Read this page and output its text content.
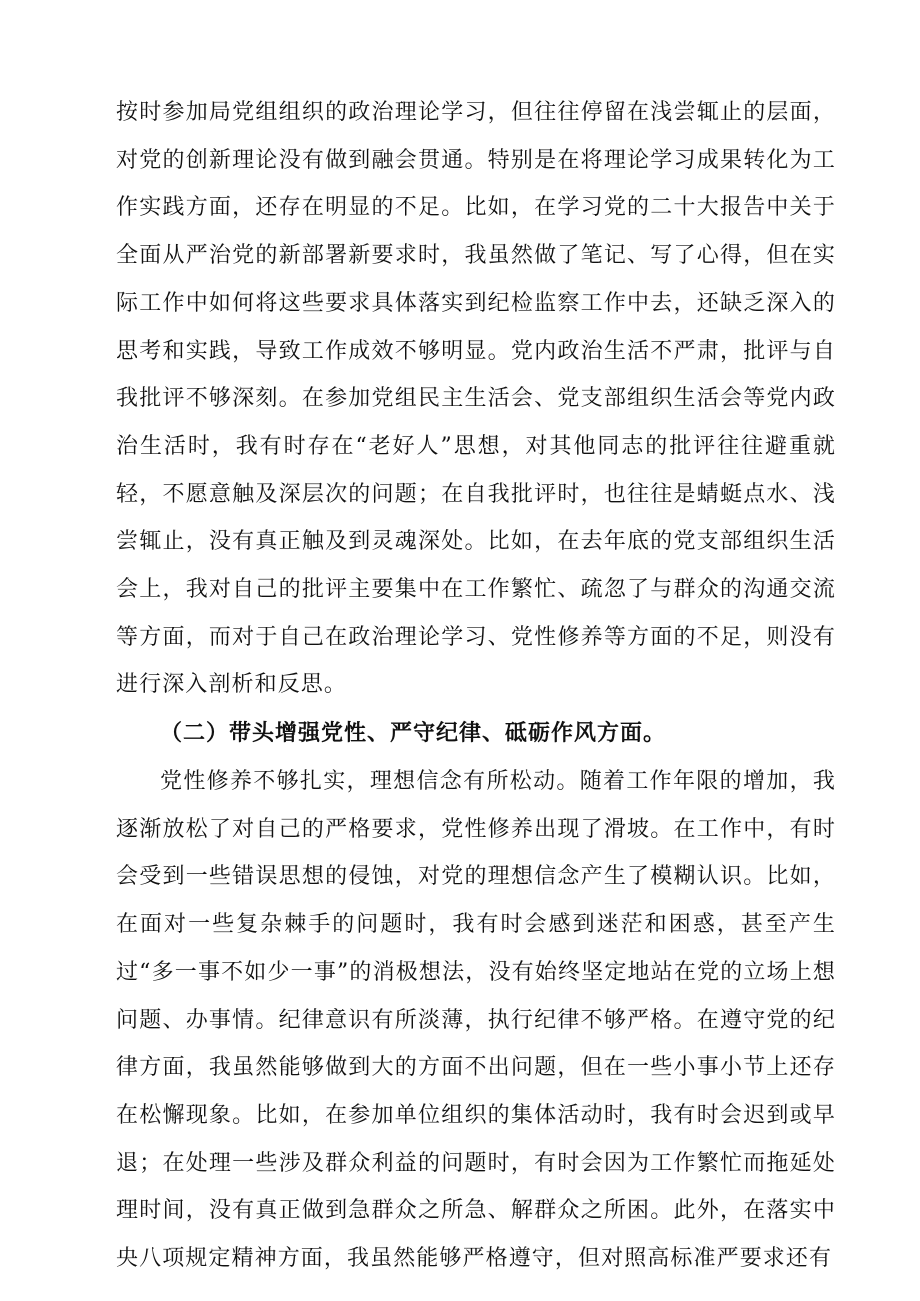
按时参加局党组组织的政治理论学习，但往往停留在浅尝辄止的层面，对党的创新理论没有做到融会贯通。特别是在将理论学习成果转化为工作实践方面，还存在明显的不足。比如，在学习党的二十大报告中关于全面从严治党的新部署新要求时，我虽然做了笔记、写了心得，但在实际工作中如何将这些要求具体落实到纪检监察工作中去，还缺乏深入的思考和实践，导致工作成效不够明显。党内政治生活不严肃，批评与自我批评不够深刻。在参加党组民主生活会、党支部组织生活会等党内政治生活时，我有时存在“老好人”思想，对其他同志的批评往往避重就轻，不愿意触及深层次的问题；在自我批评时，也往往是蜻蜓点水、浅尝辄止，没有真正触及到灵魂深处。比如，在去年底的党支部组织生活会上，我对自己的批评主要集中在工作繁忙、疏忽了与群众的沟通交流等方面，而对于自己在政治理论学习、党性修养等方面的不足，则没有进行深入剖析和反思。
（二）带头增强党性、严守纪律、砥砺作风方面。
党性修养不够扎实，理想信念有所松动。随着工作年限的增加，我逐渐放松了对自己的严格要求，党性修养出现了滑坡。在工作中，有时会受到一些错误思想的侵蚀，对党的理想信念产生了模糊认识。比如，在面对一些复杂棘手的问题时，我有时会感到迷茫和困惑，甚至产生过“多一事不如少一事”的消极想法，没有始终坚定地站在党的立场上想问题、办事情。纪律意识有所淡薄，执行纪律不够严格。在遵守党的纪律方面，我虽然能够做到大的方面不出问题，但在一些小事小节上还存在松懈现象。比如，在参加单位组织的集体活动时，我有时会迟到或早退；在处理一些涉及群众利益的问题时，有时会因为工作繁忙而拖延处理时间，没有真正做到急群众之所急、解群众之所困。此外，在落实中央八项规定精神方面，我虽然能够严格遵守，但对照高标准严要求还有
